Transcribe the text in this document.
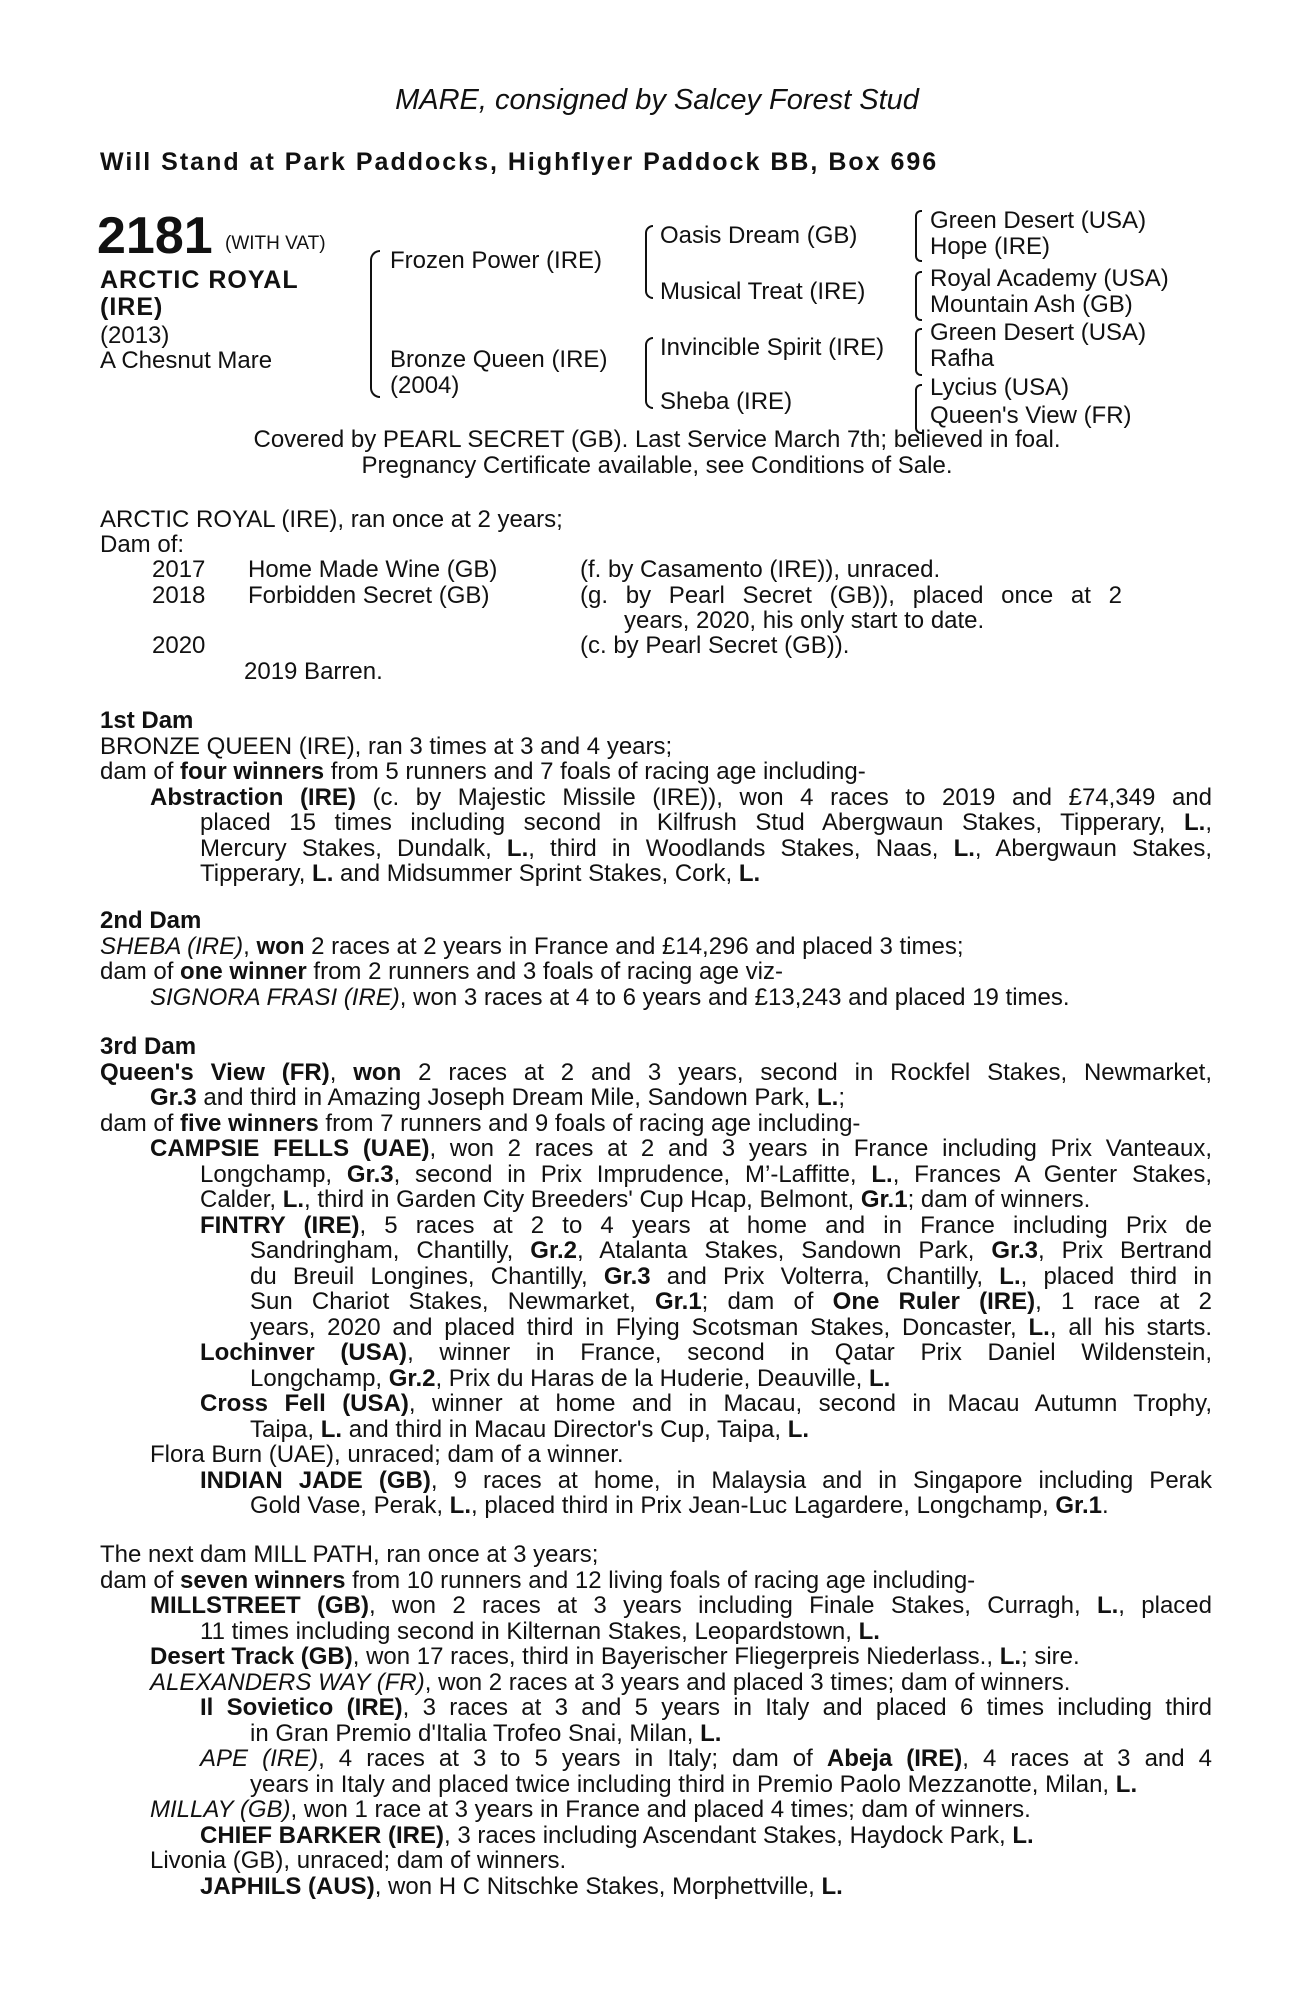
MARE, consigned by Salcey Forest Stud
Will Stand at Park Paddocks, Highflyer Paddock BB, Box 696
2181 (WITH VAT)
ARCTIC ROYAL
(IRE)
(2013)
A Chesnut Mare
Frozen Power (IRE)
Bronze Queen (IRE)
(2004)
Oasis Dream (GB)
Musical Treat (IRE)
Invincible Spirit (IRE)
Sheba (IRE)
Green Desert (USA)
Hope (IRE)
Royal Academy (USA)
Mountain Ash (GB)
Green Desert (USA)
Rafha
Lycius (USA)
Queen's View (FR)
Covered by PEARL SECRET (GB). Last Service March 7th; believed in foal.
Pregnancy Certificate available, see Conditions of Sale.
ARCTIC ROYAL (IRE), ran once at 2 years;
Dam of:
2017 Home Made Wine (GB)	(f. by Casamento (IRE)), unraced.
2018 Forbidden Secret (GB)	(g. by Pearl Secret (GB)), placed once at 2
years, 2020, his only start to date.
2020	(c. by Pearl Secret (GB)).
2019 Barren.

1st Dam

BRONZE QUEEN (IRE), ran 3 times at 3 and 4 years;

dam of four winners from 5 runners and 7 foals of racing age including-

Abstraction (IRE) (c. by Majestic Missile (IRE)), won 4 races to 2019 and £74,349 and

placed 15 times including second in Kilfrush Stud Abergwaun Stakes, Tipperary, L.,

Mercury Stakes, Dundalk, L., third in Woodlands Stakes, Naas, L., Abergwaun Stakes,

Tipperary, L. and Midsummer Sprint Stakes, Cork, L.

2nd Dam

SHEBA (IRE), won 2 races at 2 years in France and £14,296 and placed 3 times;

dam of one winner from 2 runners and 3 foals of racing age viz-

SIGNORA FRASI (IRE), won 3 races at 4 to 6 years and £13,243 and placed 19 times.

3rd Dam

Queen's View (FR), won 2 races at 2 and 3 years, second in Rockfel Stakes, Newmarket,

Gr.3 and third in Amazing Joseph Dream Mile, Sandown Park, L.;

dam of five winners from 7 runners and 9 foals of racing age including-

CAMPSIE FELLS (UAE), won 2 races at 2 and 3 years in France including Prix Vanteaux,

Longchamp, Gr.3, second in Prix Imprudence, M’-Laffitte, L., Frances A Genter Stakes,

Calder, L., third in Garden City Breeders' Cup Hcap, Belmont, Gr.1; dam of winners.

FINTRY (IRE), 5 races at 2 to 4 years at home and in France including Prix de

Sandringham, Chantilly, Gr.2, Atalanta Stakes, Sandown Park, Gr.3, Prix Bertrand

du Breuil Longines, Chantilly, Gr.3 and Prix Volterra, Chantilly, L., placed third in

Sun Chariot Stakes, Newmarket, Gr.1; dam of One Ruler (IRE), 1 race at 2

years, 2020 and placed third in Flying Scotsman Stakes, Doncaster, L., all his starts.

Lochinver (USA), winner in France, second in Qatar Prix Daniel Wildenstein,

Longchamp, Gr.2, Prix du Haras de la Huderie, Deauville, L.

Cross Fell (USA), winner at home and in Macau, second in Macau Autumn Trophy,

Taipa, L. and third in Macau Director's Cup, Taipa, L.

Flora Burn (UAE), unraced; dam of a winner.

INDIAN JADE (GB), 9 races at home, in Malaysia and in Singapore including Perak

Gold Vase, Perak, L., placed third in Prix Jean-Luc Lagardere, Longchamp, Gr.1.

The next dam MILL PATH, ran once at 3 years;

dam of seven winners from 10 runners and 12 living foals of racing age including-

MILLSTREET (GB), won 2 races at 3 years including Finale Stakes, Curragh, L., placed

11 times including second in Kilternan Stakes, Leopardstown, L.

Desert Track (GB), won 17 races, third in Bayerischer Fliegerpreis Niederlass., L.; sire.

ALEXANDERS WAY (FR), won 2 races at 3 years and placed 3 times; dam of winners.

Il Sovietico (IRE), 3 races at 3 and 5 years in Italy and placed 6 times including third

in Gran Premio d'Italia Trofeo Snai, Milan, L.

APE (IRE), 4 races at 3 to 5 years in Italy; dam of Abeja (IRE), 4 races at 3 and 4

years in Italy and placed twice including third in Premio Paolo Mezzanotte, Milan, L.

MILLAY (GB), won 1 race at 3 years in France and placed 4 times; dam of winners.

CHIEF BARKER (IRE), 3 races including Ascendant Stakes, Haydock Park, L.

Livonia (GB), unraced; dam of winners.

JAPHILS (AUS), won H C Nitschke Stakes, Morphettville, L.
